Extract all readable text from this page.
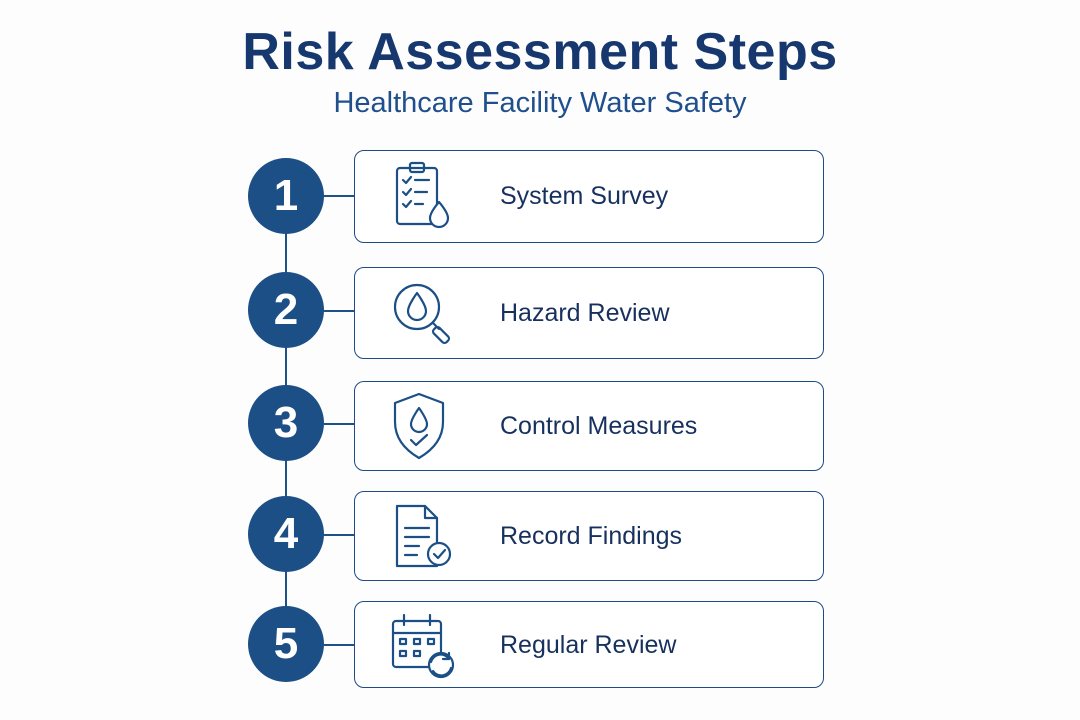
Risk Assessment Steps
Healthcare Facility Water Safety
1	System Survey
2	Hazard Review
3	Control Measures
4	Record Findings
5	Regular Review
